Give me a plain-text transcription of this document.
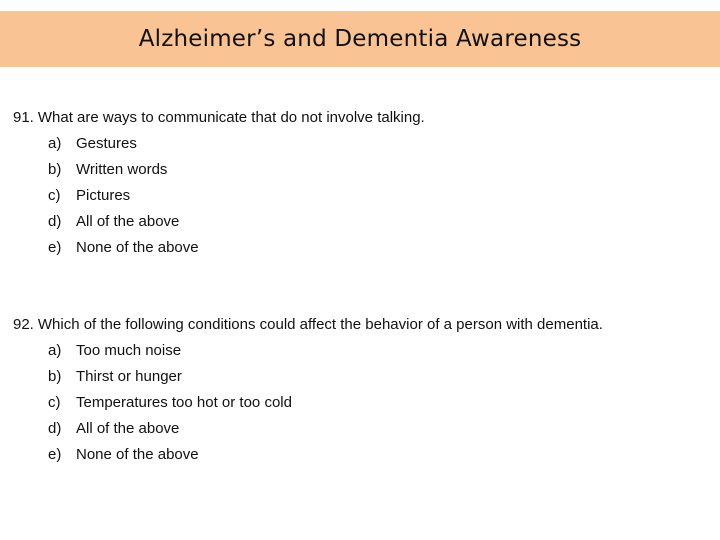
Alzheimer’s and Dementia Awareness
91. What are ways to communicate that do not involve talking.
a) Gestures
b) Written words
c)	Pictures
d) All of the above
e) None of the above
92. Which of the following conditions could affect the behavior of a person with dementia.
a) Too much noise
b) Thirst or hunger
c)	Temperatures too hot or too cold
d) All of the above
e) None of the above
